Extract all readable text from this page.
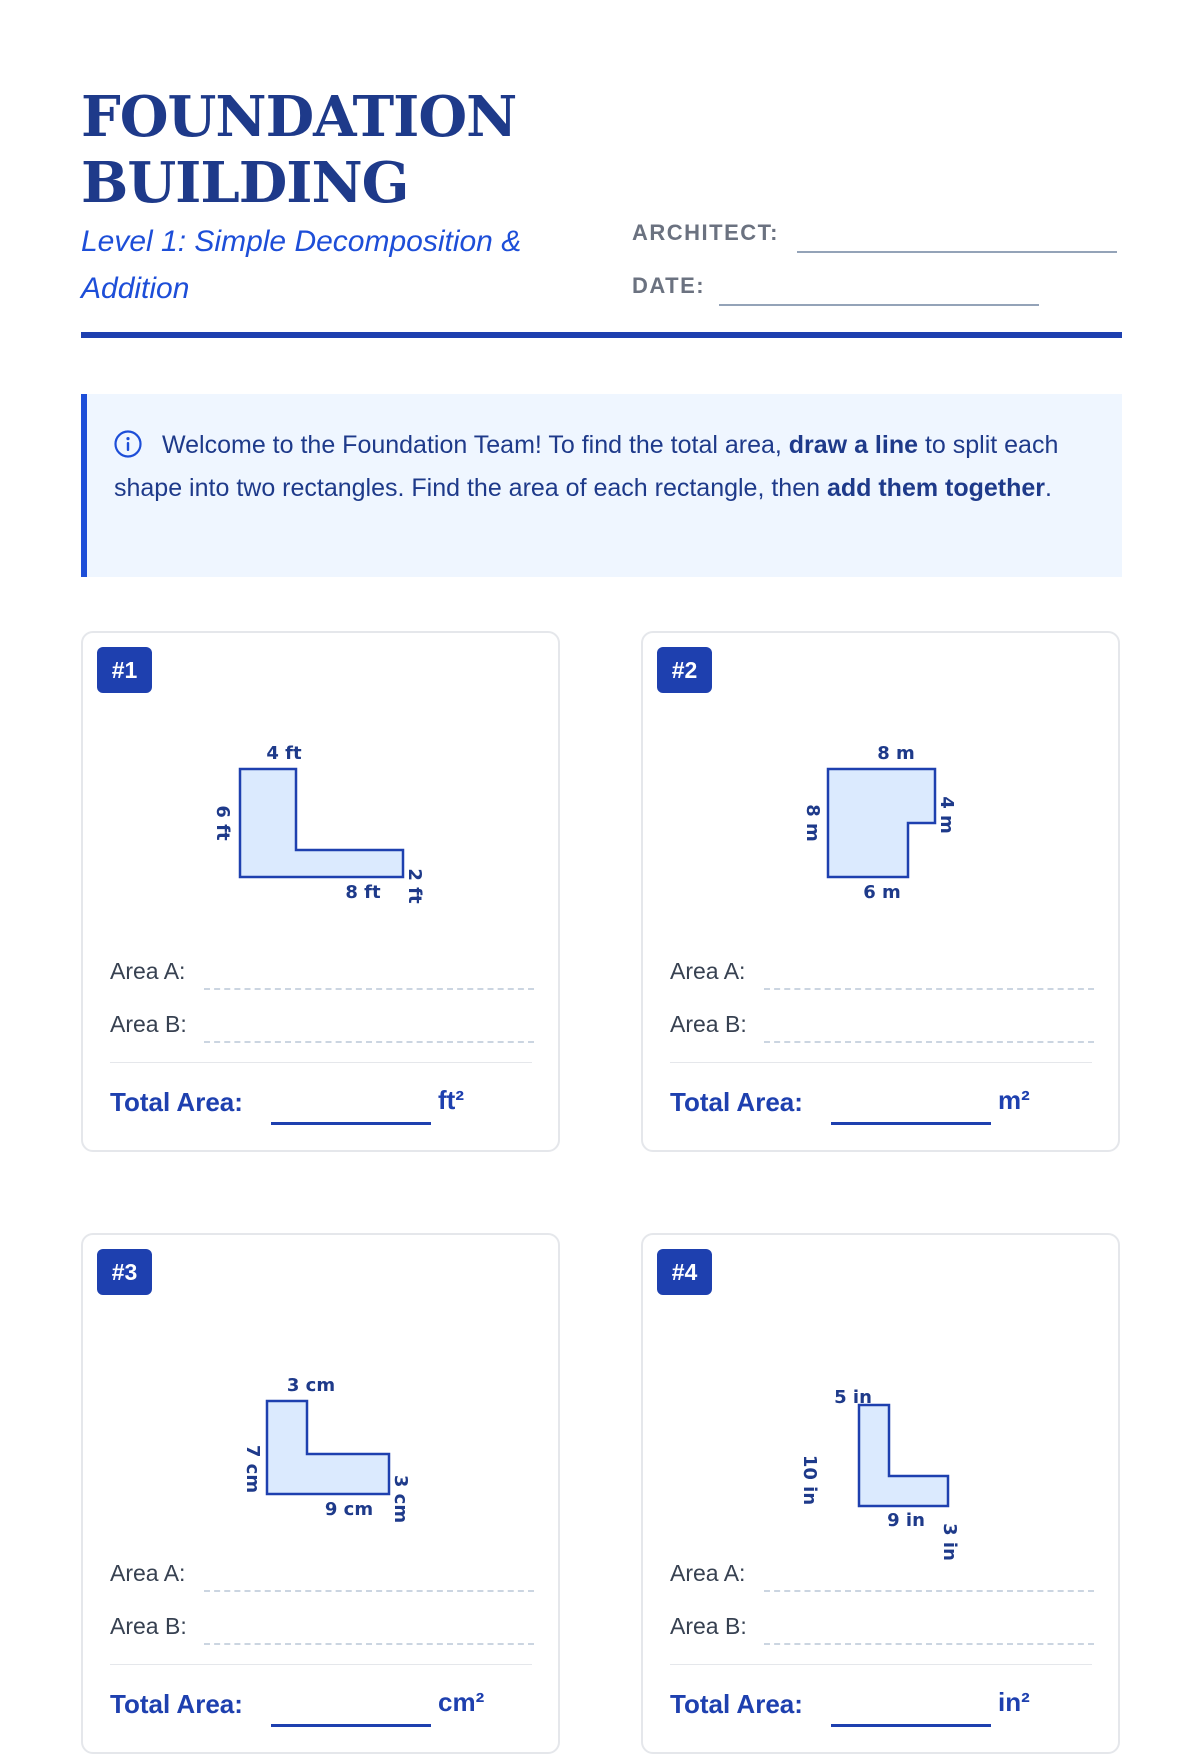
FOUNDATION
BUILDING
Level 1: Simple Decomposition & Addition
ARCHITECT:
DATE:
Welcome to the Foundation Team! To find the total area, draw a line to split each shape into two rectangles. Find the area of each rectangle, then add them together.
#1
4 ft
6 ft
8 ft 2 ft
Area A:
Area B:
Total Area:	ft²
#2
8 m
8 m
6 m
4 m
Area A:
Area B:
Total Area:	m²
#3
3 cm
7 cm
9 cm 3 cm
Area A:
Area B:
Total Area:	cm²
#4
5 in
10 in
9 in
3 in
Area A:
Area B:
Total Area:	in²
